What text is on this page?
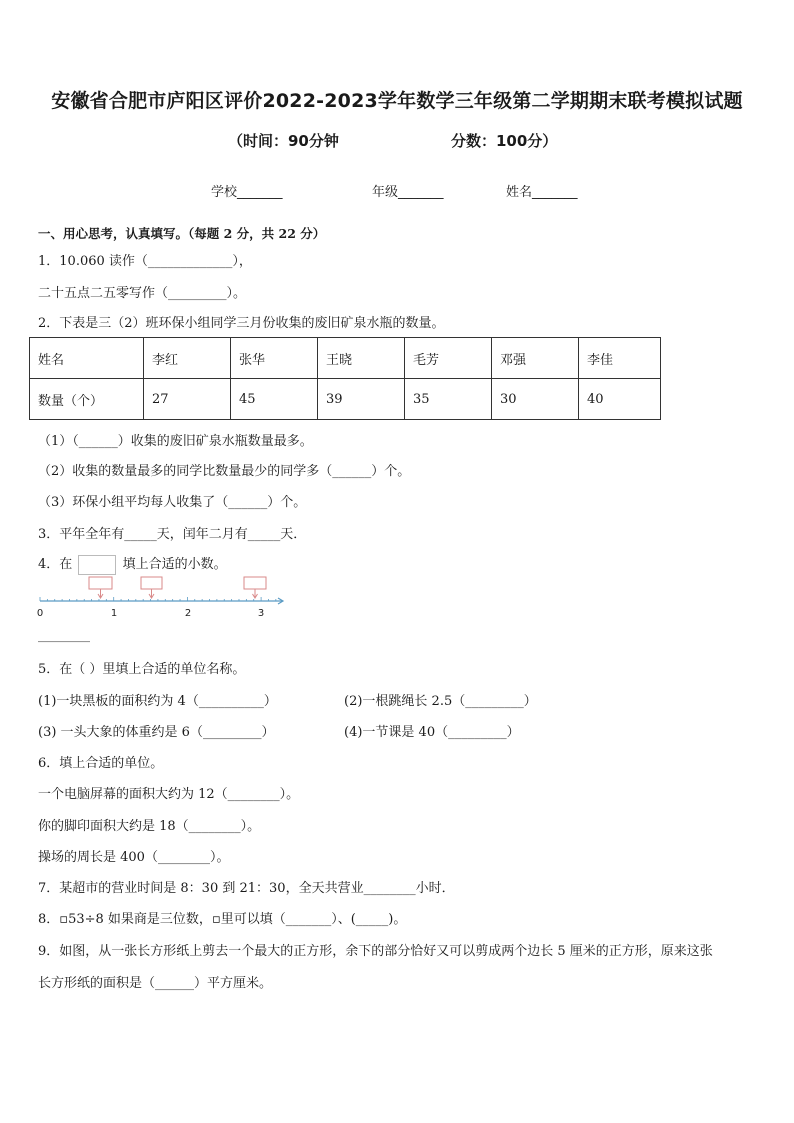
安徽省合肥市庐阳区评价2022-2023学年数学三年级第二学期期末联考模拟试题
（时间：90分钟	分数：100分）
学校_______	年级_______	姓名_______
一、用心思考，认真填写。（每题 2 分，共 22 分）
1．10.060 读作（_____________），
二十五点二五零写作（_________）。
2．下表是三（2）班环保小组同学三月份收集的废旧矿泉水瓶的数量。
姓名	李红	张华	王晓	毛芳	邓强	李佳
数量（个）	27	45	39	35	30	40
（1）（______）收集的废旧矿泉水瓶数量最多。
（2）收集的数量最多的同学比数量最少的同学多（______）个。
（3）环保小组平均每人收集了（______）个。
3．平年全年有_____天，闰年二月有_____天．
4．在	填上合适的小数。
0	1	2	3
________
5．在（ ）里填上合适的单位名称。
(1)一块黑板的面积约为 4（__________）	(2)一根跳绳长 2.5（_________）
(3) 一头大象的体重约是 6（_________）	(4)一节课是 40（_________）
6．填上合适的单位。
一个电脑屏幕的面积大约为 12（________）。
你的脚印面积大约是 18（________）。
操场的周长是 400（________）。
7．某超市的营业时间是 8：30 到 21：30，全天共营业________小时．
8．▫53÷8 如果商是三位数，▫里可以填（_______）、(_____)。
9．如图，从一张长方形纸上剪去一个最大的正方形，余下的部分恰好又可以剪成两个边长 5 厘米的正方形，原来这张
长方形纸的面积是（______）平方厘米。
